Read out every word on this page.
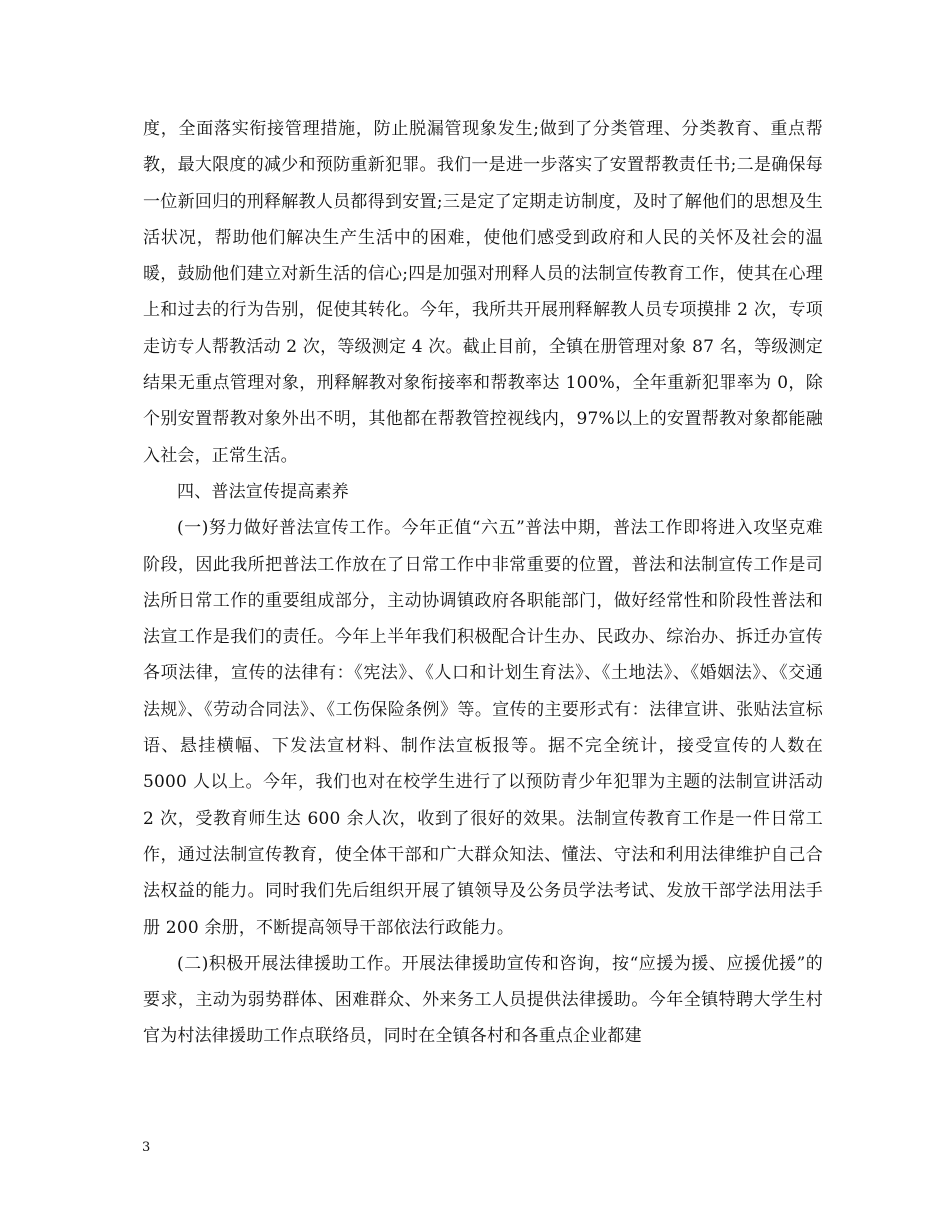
度，全面落实衔接管理措施，防止脱漏管现象发生;做到了分类管理、分类教育、重点帮教，最大限度的减少和预防重新犯罪。我们一是进一步落实了安置帮教责任书;二是确保每一位新回归的刑释解教人员都得到安置;三是定了定期走访制度，及时了解他们的思想及生活状况，帮助他们解决生产生活中的困难，使他们感受到政府和人民的关怀及社会的温暖，鼓励他们建立对新生活的信心;四是加强对刑释人员的法制宣传教育工作，使其在心理上和过去的行为告别，促使其转化。今年，我所共开展刑释解教人员专项摸排 2 次，专项走访专人帮教活动 2 次，等级测定 4 次。截止目前，全镇在册管理对象 87 名，等级测定结果无重点管理对象，刑释解教对象衔接率和帮教率达 100%，全年重新犯罪率为 0，除个别安置帮教对象外出不明，其他都在帮教管控视线内，97%以上的安置帮教对象都能融入社会，正常生活。

四、普法宣传提高素养

(一)努力做好普法宣传工作。今年正值“六五”普法中期，普法工作即将进入攻坚克难阶段，因此我所把普法工作放在了日常工作中非常重要的位置，普法和法制宣传工作是司法所日常工作的重要组成部分，主动协调镇政府各职能部门，做好经常性和阶段性普法和法宣工作是我们的责任。今年上半年我们积极配合计生办、民政办、综治办、拆迁办宣传各项法律，宣传的法律有：《宪法》、《人口和计划生育法》、《土地法》、《婚姻法》、《交通法规》、《劳动合同法》、《工伤保险条例》等。宣传的主要形式有：法律宣讲、张贴法宣标语、悬挂横幅、下发法宣材料、制作法宣板报等。据不完全统计，接受宣传的人数在 5000 人以上。今年，我们也对在校学生进行了以预防青少年犯罪为主题的法制宣讲活动 2 次，受教育师生达 600 余人次，收到了很好的效果。法制宣传教育工作是一件日常工作，通过法制宣传教育，使全体干部和广大群众知法、懂法、守法和利用法律维护自己合法权益的能力。同时我们先后组织开展了镇领导及公务员学法考试、发放干部学法用法手册 200 余册，不断提高领导干部依法行政能力。

(二)积极开展法律援助工作。开展法律援助宣传和咨询，按“应援为援、应援优援”的要求，主动为弱势群体、困难群众、外来务工人员提供法律援助。今年全镇特聘大学生村官为村法律援助工作点联络员，同时在全镇各村和各重点企业都建

3
